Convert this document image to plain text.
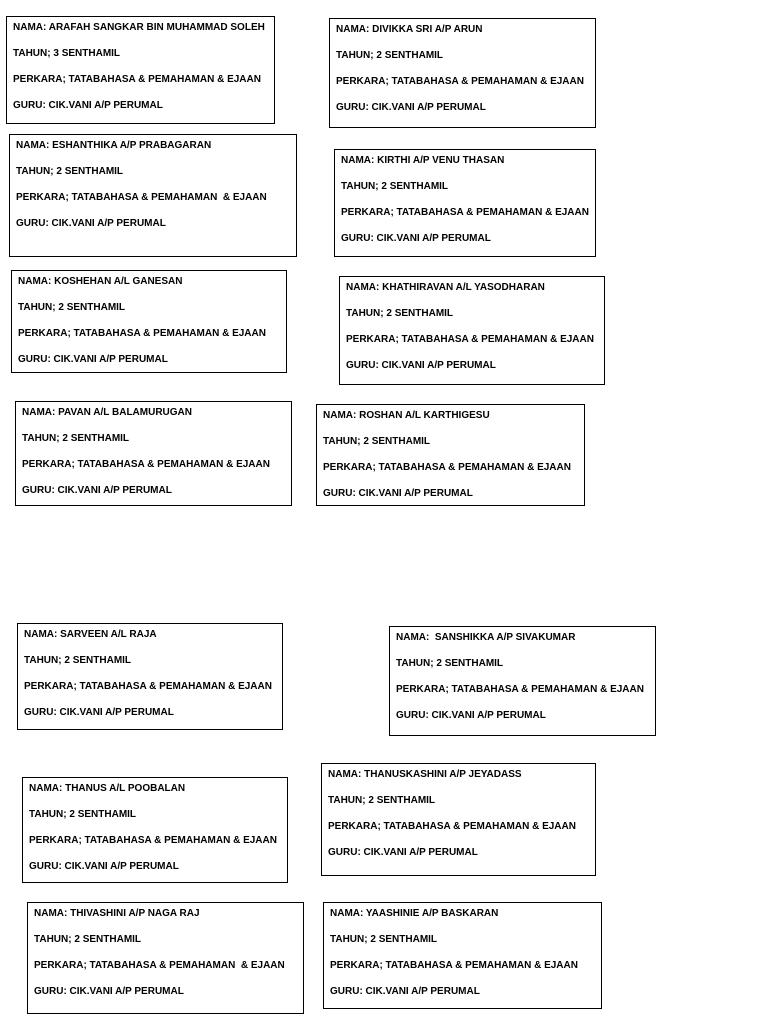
NAMA: ARAFAH SANGKAR BIN MUHAMMAD SOLEH
TAHUN; 3 SENTHAMIL
PERKARA; TATABAHASA & PEMAHAMAN & EJAAN
GURU: CIK.VANI A/P PERUMAL
NAMA: DIVIKKA SRI A/P ARUN
TAHUN; 2 SENTHAMIL
PERKARA; TATABAHASA & PEMAHAMAN & EJAAN
GURU: CIK.VANI A/P PERUMAL
NAMA: ESHANTHIKA A/P PRABAGARAN
TAHUN; 2 SENTHAMIL
PERKARA; TATABAHASA & PEMAHAMAN  & EJAAN
GURU: CIK.VANI A/P PERUMAL
NAMA: KIRTHI A/P VENU THASAN
TAHUN; 2 SENTHAMIL
PERKARA; TATABAHASA & PEMAHAMAN & EJAAN
GURU: CIK.VANI A/P PERUMAL
NAMA: KOSHEHAN A/L GANESAN
TAHUN; 2 SENTHAMIL
PERKARA; TATABAHASA & PEMAHAMAN & EJAAN
GURU: CIK.VANI A/P PERUMAL
NAMA: KHATHIRAVAN A/L YASODHARAN
TAHUN; 2 SENTHAMIL
PERKARA; TATABAHASA & PEMAHAMAN & EJAAN
GURU: CIK.VANI A/P PERUMAL
NAMA: PAVAN A/L BALAMURUGAN
TAHUN; 2 SENTHAMIL
PERKARA; TATABAHASA & PEMAHAMAN & EJAAN
GURU: CIK.VANI A/P PERUMAL
NAMA: ROSHAN A/L KARTHIGESU
TAHUN; 2 SENTHAMIL
PERKARA; TATABAHASA & PEMAHAMAN & EJAAN
GURU: CIK.VANI A/P PERUMAL
NAMA: SARVEEN A/L RAJA
TAHUN; 2 SENTHAMIL
PERKARA; TATABAHASA & PEMAHAMAN & EJAAN
GURU: CIK.VANI A/P PERUMAL
NAMA:  SANSHIKKA A/P SIVAKUMAR
TAHUN; 2 SENTHAMIL
PERKARA; TATABAHASA & PEMAHAMAN & EJAAN
GURU: CIK.VANI A/P PERUMAL
NAMA: THANUS A/L POOBALAN
TAHUN; 2 SENTHAMIL
PERKARA; TATABAHASA & PEMAHAMAN & EJAAN
GURU: CIK.VANI A/P PERUMAL
NAMA: THANUSKASHINI A/P JEYADASS
TAHUN; 2 SENTHAMIL
PERKARA; TATABAHASA & PEMAHAMAN & EJAAN
GURU: CIK.VANI A/P PERUMAL
NAMA: THIVASHINI A/P NAGA RAJ
TAHUN; 2 SENTHAMIL
PERKARA; TATABAHASA & PEMAHAMAN  & EJAAN
GURU: CIK.VANI A/P PERUMAL
NAMA: YAASHINIE A/P BASKARAN
TAHUN; 2 SENTHAMIL
PERKARA; TATABAHASA & PEMAHAMAN & EJAAN
GURU: CIK.VANI A/P PERUMAL
